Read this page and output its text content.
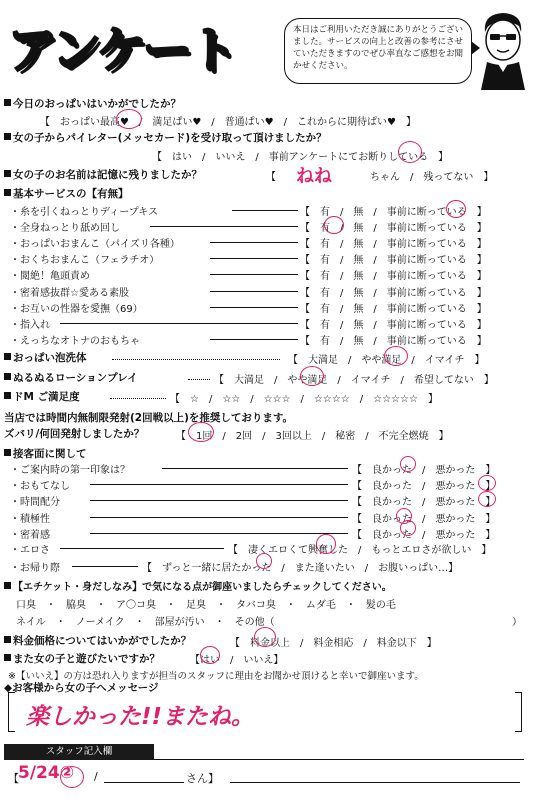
アンケート	本日はご利用いただき誠にありがとうございました。サービスの向上と改善の参考にさせていただきますのでぜひ率直なご感想をお聞かせください。
今日のおっぱいはいかがでしたか？
【　おっぱい最高♥　/　満足ぱい♥　/　普通ぱい♥　/　これからに期待ぱい♥　】
女の子からパイレター(メッセカード)を受け取って頂けましたか？
【　はい　/　いいえ　/　事前アンケートにてお断りしている　】
女の子のお名前は記憶に残りましたか？	【 ねね	ちゃん　/　残ってない　】
基本サービスの【有無】
・糸を引くねっとりディープキス	【　有　/　無　/　事前に断っている　】
・全身ねっとり舐め回し	【　有　/　無　/　事前に断っている　】
・おっぱいおまんこ（パイズリ各種）	【　有　/　無　/　事前に断っている　】
・おくちおまんこ（フェラチオ）	【　有　/　無　/　事前に断っている　】
・閲絶！亀頭責め	【　有　/　無　/　事前に断っている　】
・密着感抜群☆愛ある素股	【　有　/　無　/　事前に断っている　】
・お互いの性器を愛撫（69）	【　有　/　無　/　事前に断っている　】
・指入れ	【　有　/　無　/　事前に断っている　】
・えっちなオトナのおもちゃ	【　有　/　無　/　事前に断っている　】
おっぱい泡洗体	【　大満足　/　やや満足　/　イマイチ　】
ぬるぬるローションプレイ	【　大満足　/　やや満足　/　イマイチ　/　希望してない　】
ドM ご満足度	【　☆　/　☆☆　/　☆☆☆　/　☆☆☆☆　/　☆☆☆☆☆　】
当店では時間内無制限発射(2回戦以上)を推奨しております。
ズバリ/何回発射しましたか？	【　1回　/　2回　/　3回以上　/　秘密　/　不完全燃焼　】
接客面に関して
・ご案内時の第一印象は？	【　良かった　/　悪かった　】
・おもてなし	【　良かった　/　悪かった　】
・時間配分	【　良かった　/　悪かった　】
・積極性	【　良かった　/　悪かった　】
・密着感	【　良かった　/　悪かった　】
・エロさ	【　凄くエロくて興奮した　/　もっとエロさが欲しい　】
・お帰り際	【　ずっと一緒に居たかった　/　また逢いたい　/　お腹いっぱい…】
【エチケット・身だしなみ】で気になる点が御座いましたらチェックしてください。
口臭　・　脇臭　・　ア〇コ臭　・　足臭　・　タバコ臭　・　ムダ毛　・　髪の毛
ネイル　・　ノーメイク　・　部屋が汚い　・　その他（	）
料金価格についてはいかがでしたか？	【　料金以上　/　料金相応　/　料金以下　】
また女の子と遊びたいですか？	【はい　/　いいえ】
※【いいえ】の方は恐れ入りますが担当のスタッフに理由をお聞かせ頂けると幸いで御座います。
◆お客様から女の子へメッセージ
楽しかった!!またね。
スタッフ記入欄
【 5/24② /	さん】
